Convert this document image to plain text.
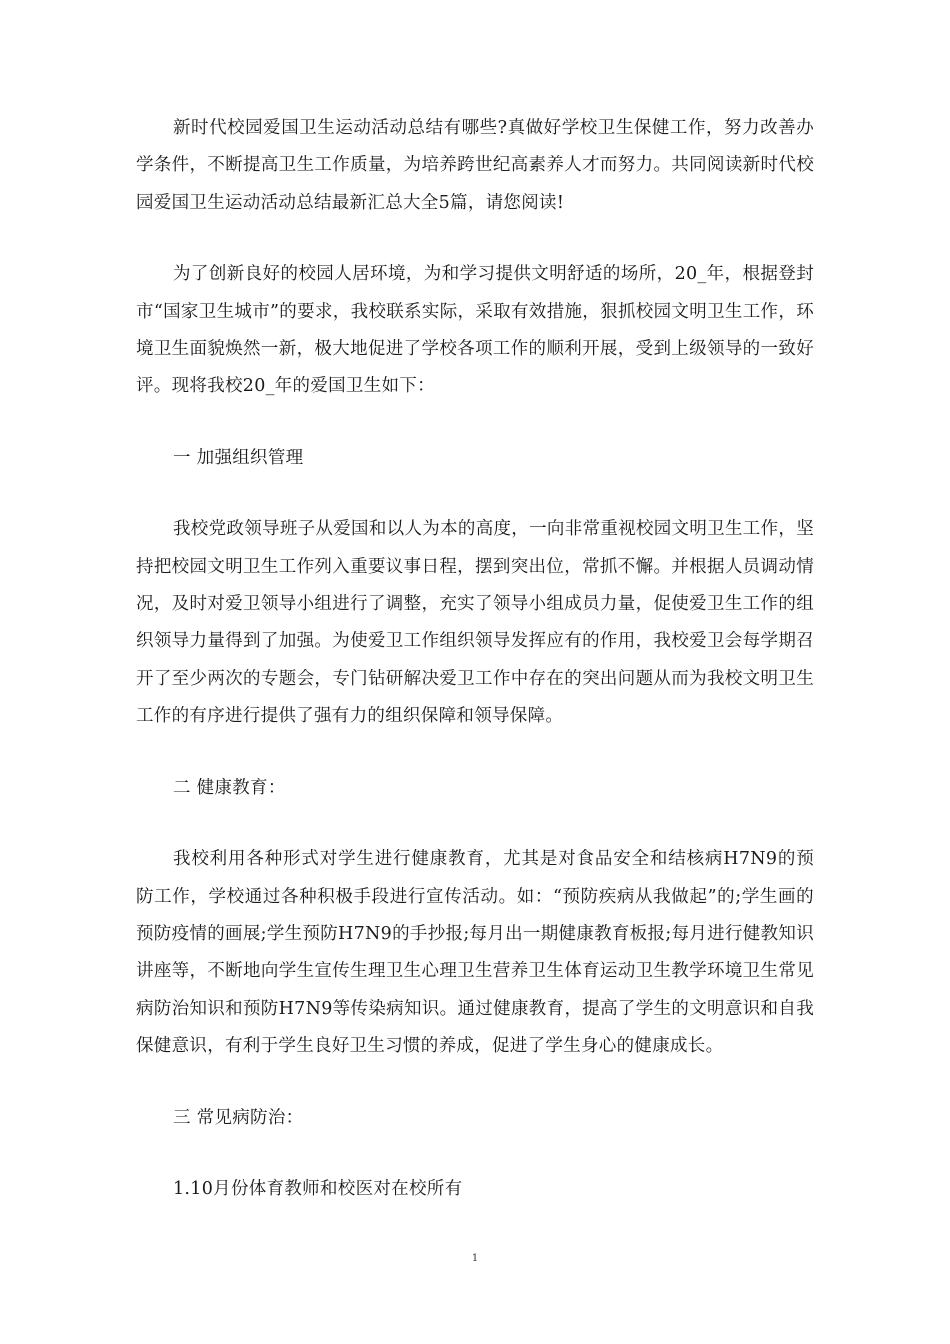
新时代校园爱国卫生运动活动总结有哪些?真做好学校卫生保健工作，努力改善办学条件，不断提高卫生工作质量，为培养跨世纪高素养人才而努力。共同阅读新时代校园爱国卫生运动活动总结最新汇总大全5篇，请您阅读!

为了创新良好的校园人居环境，为和学习提供文明舒适的场所，20_年，根据登封市“国家卫生城市”的要求，我校联系实际，采取有效措施，狠抓校园文明卫生工作，环境卫生面貌焕然一新，极大地促进了学校各项工作的顺利开展，受到上级领导的一致好评。现将我校20_年的爱国卫生如下：

一 加强组织管理

我校党政领导班子从爱国和以人为本的高度，一向非常重视校园文明卫生工作，坚持把校园文明卫生工作列入重要议事日程，摆到突出位，常抓不懈。并根据人员调动情况，及时对爱卫领导小组进行了调整，充实了领导小组成员力量，促使爱卫生工作的组织领导力量得到了加强。为使爱卫工作组织领导发挥应有的作用，我校爱卫会每学期召开了至少两次的专题会，专门钻研解决爱卫工作中存在的突出问题从而为我校文明卫生工作的有序进行提供了强有力的组织保障和领导保障。

二 健康教育：

我校利用各种形式对学生进行健康教育，尤其是对食品安全和结核病H7N9的预防工作，学校通过各种积极手段进行宣传活动。如：“预防疾病从我做起”的;学生画的预防疫情的画展;学生预防H7N9的手抄报;每月出一期健康教育板报;每月进行健教知识讲座等，不断地向学生宣传生理卫生心理卫生营养卫生体育运动卫生教学环境卫生常见病防治知识和预防H7N9等传染病知识。通过健康教育，提高了学生的文明意识和自我保健意识，有利于学生良好卫生习惯的养成，促进了学生身心的健康成长。

三 常见病防治：

1.10月份体育教师和校医对在校所有

1
